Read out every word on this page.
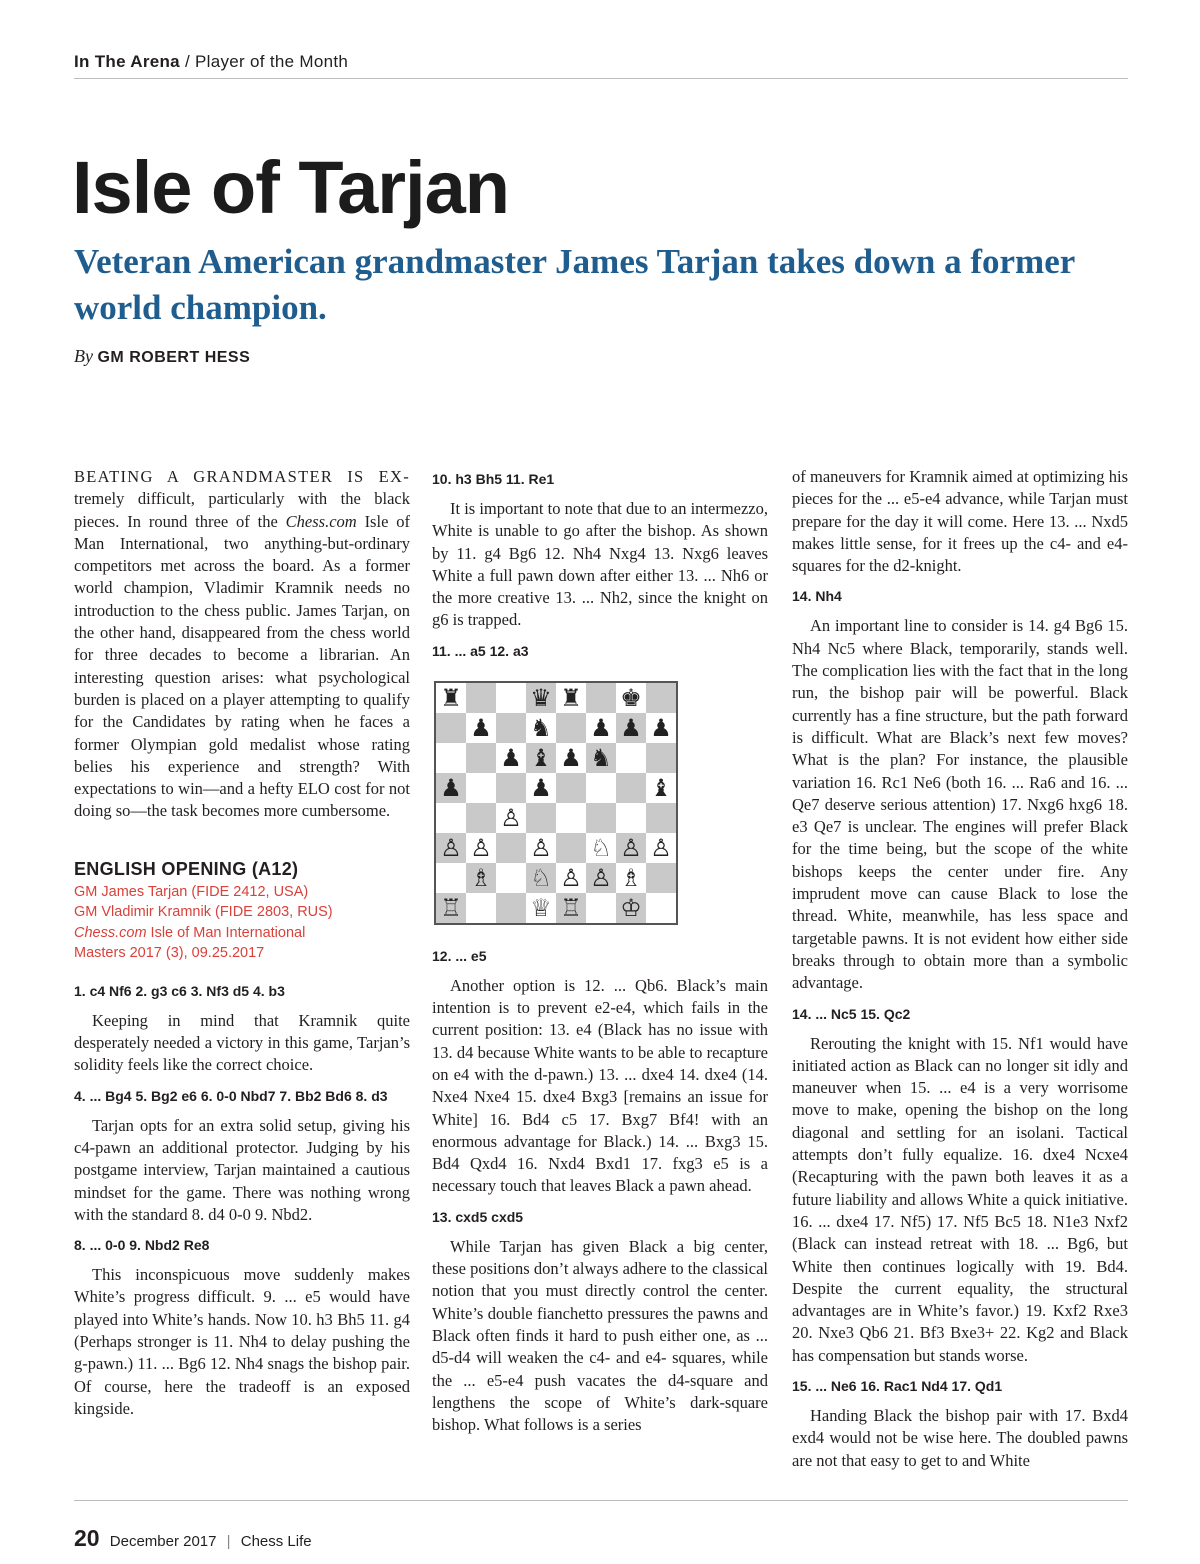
In The Arena / Player of the Month
Isle of Tarjan
Veteran American grandmaster James Tarjan takes down a former world champion.
By GM ROBERT HESS

BEATING A GRANDMASTER IS EX- tremely difficult, particularly with the black pieces. In round three of the Chess.com Isle of Man International, two anything-but-ordinary competitors met across the board. As a former world champion, Vladimir Kramnik needs no introduction to the chess public. James Tarjan, on the other hand, disappeared from the chess world for three decades to become a librarian. An interesting question arises: what psychological burden is placed on a player attempting to qualify for the Candidates by rating when he faces a former Olympian gold medalist whose rating belies his experience and strength? With expectations to win—and a hefty ELO cost for not doing so—the task becomes more cumbersome.

ENGLISH OPENING (A12)
GM James Tarjan (FIDE 2412, USA)
GM Vladimir Kramnik (FIDE 2803, RUS)
Chess.com Isle of Man International
Masters 2017 (3), 09.25.2017
1. c4 Nf6 2. g3 c6 3. Nf3 d5 4. b3

Keeping in mind that Kramnik quite desperately needed a victory in this game, Tarjan’s solidity feels like the correct choice.

4. ... Bg4 5. Bg2 e6 6. 0-0 Nbd7 7. Bb2 Bd6 8. d3

Tarjan opts for an extra solid setup, giving his c4-pawn an additional protector. Judging by his postgame interview, Tarjan maintained a cautious mindset for the game. There was nothing wrong with the standard 8. d4 0-0 9. Nbd2.

8. ... 0-0 9. Nbd2 Re8

This inconspicuous move suddenly makes White’s progress difficult. 9. ... e5 would have played into White’s hands. Now 10. h3 Bh5 11. g4 (Perhaps stronger is 11. Nh4 to delay pushing the g-pawn.) 11. ... Bg6 12. Nh4 snags the bishop pair. Of course, here the tradeoff is an exposed kingside.

10. h3 Bh5 11. Re1

It is important to note that due to an intermezzo, White is unable to go after the bishop. As shown by 11. g4 Bg6 12. Nh4 Nxg4 13. Nxg6 leaves White a full pawn down after either 13. ... Nh6 or the more creative 13. ... Nh2, since the knight on g6 is trapped.

11. ... a5 12. a3
♜	♛ ♜ ♚
♟ ♞ ♟ ♟ ♟
♟ ♝ ♟ ♞
♟	♟	♝
♙
♙ ♙ ♙ ♘ ♙ ♙
♗ ♘ ♙ ♙ ♗
♖	♕ ♖ ♔
12. ... e5

Another option is 12. ... Qb6. Black’s main intention is to prevent e2-e4, which fails in the current position: 13. e4 (Black has no issue with 13. d4 because White wants to be able to recapture on e4 with the d-pawn.) 13. ... dxe4 14. dxe4 (14. Nxe4 Nxe4 15. dxe4 Bxg3 [remains an issue for White] 16. Bd4 c5 17. Bxg7 Bf4! with an enormous advantage for Black.) 14. ... Bxg3 15. Bd4 Qxd4 16. Nxd4 Bxd1 17. fxg3 e5 is a necessary touch that leaves Black a pawn ahead.

13. cxd5 cxd5

While Tarjan has given Black a big center, these positions don’t always adhere to the classical notion that you must directly control the center. White’s double fianchetto pressures the pawns and Black often finds it hard to push either one, as ... d5-d4 will weaken the c4- and e4- squares, while the ... e5-e4 push vacates the d4-square and lengthens the scope of White’s dark-square bishop. What follows is a series

of maneuvers for Kramnik aimed at optimizing his pieces for the ... e5-e4 advance, while Tarjan must prepare for the day it will come. Here 13. ... Nxd5 makes little sense, for it frees up the c4- and e4-squares for the d2-knight.

14. Nh4

An important line to consider is 14. g4 Bg6 15. Nh4 Nc5 where Black, temporarily, stands well. The complication lies with the fact that in the long run, the bishop pair will be powerful. Black currently has a fine structure, but the path forward is difficult. What are Black’s next few moves? What is the plan? For instance, the plausible variation 16. Rc1 Ne6 (both 16. ... Ra6 and 16. ... Qe7 deserve serious attention) 17. Nxg6 hxg6 18. e3 Qe7 is unclear. The engines will prefer Black for the time being, but the scope of the white bishops keeps the center under fire. Any imprudent move can cause Black to lose the thread. White, meanwhile, has less space and targetable pawns. It is not evident how either side breaks through to obtain more than a symbolic advantage.

14. ... Nc5 15. Qc2

Rerouting the knight with 15. Nf1 would have initiated action as Black can no longer sit idly and maneuver when 15. ... e4 is a very worrisome move to make, opening the bishop on the long diagonal and settling for an isolani. Tactical attempts don’t fully equalize. 16. dxe4 Ncxe4 (Recapturing with the pawn both leaves it as a future liability and allows White a quick initiative. 16. ... dxe4 17. Nf5) 17. Nf5 Bc5 18. N1e3 Nxf2 (Black can instead retreat with 18. ... Bg6, but White then continues logically with 19. Bd4. Despite the current equality, the structural advantages are in White’s favor.) 19. Kxf2 Rxe3 20. Nxe3 Qb6 21. Bf3 Bxe3+ 22. Kg2 and Black has compensation but stands worse.

15. ... Ne6 16. Rac1 Nd4 17. Qd1

Handing Black the bishop pair with 17. Bxd4 exd4 would not be wise here. The doubled pawns are not that easy to get to and White

20 December 2017 | Chess Life
